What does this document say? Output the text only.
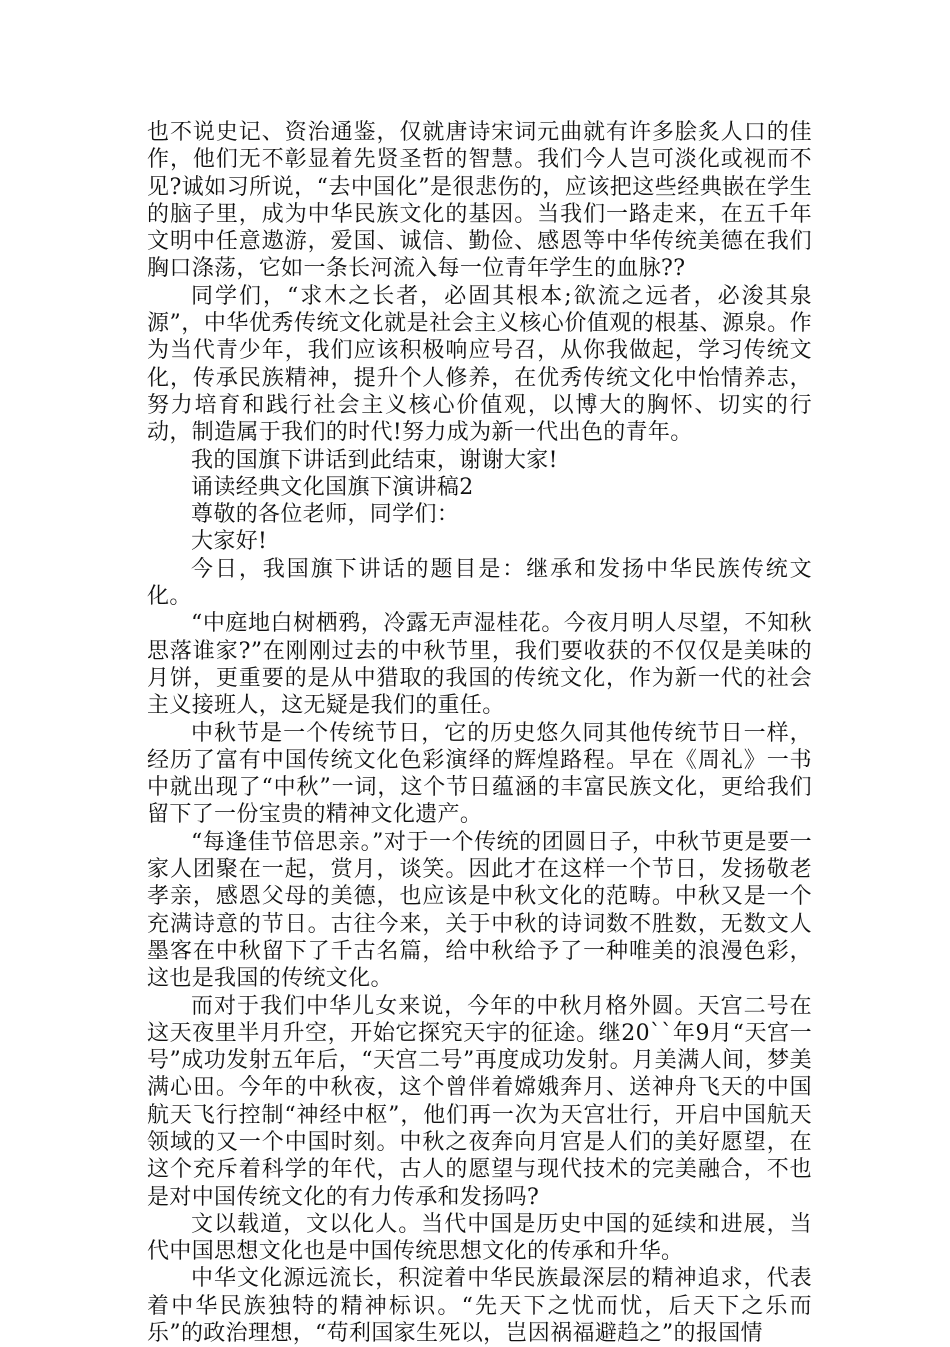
也不说史记、资治通鉴，仅就唐诗宋词元曲就有许多脍炙人口的佳作，他们无不彰显着先贤圣哲的智慧。我们今人岂可淡化或视而不见?诚如习所说，“去中国化”是很悲伤的，应该把这些经典嵌在学生的脑子里，成为中华民族文化的基因。当我们一路走来，在五千年文明中任意遨游，爱国、诚信、勤俭、感恩等中华传统美德在我们胸口涤荡，它如一条长河流入每一位青年学生的血脉??

同学们，“求木之长者，必固其根本;欲流之远者，必浚其泉源”，中华优秀传统文化就是社会主义核心价值观的根基、源泉。作为当代青少年，我们应该积极响应号召，从你我做起，学习传统文化，传承民族精神，提升个人修养，在优秀传统文化中怡情养志，努力培育和践行社会主义核心价值观，以博大的胸怀、切实的行动，制造属于我们的时代!努力成为新一代出色的青年。

我的国旗下讲话到此结束，谢谢大家!

诵读经典文化国旗下演讲稿2

尊敬的各位老师，同学们：

大家好!

今日，我国旗下讲话的题目是：继承和发扬中华民族传统文化。

“中庭地白树栖鸦，冷露无声湿桂花。今夜月明人尽望，不知秋思落谁家?”在刚刚过去的中秋节里，我们要收获的不仅仅是美味的月饼，更重要的是从中猎取的我国的传统文化，作为新一代的社会主义接班人，这无疑是我们的重任。

中秋节是一个传统节日，它的历史悠久同其他传统节日一样，经历了富有中国传统文化色彩演绎的辉煌路程。早在《周礼》一书中就出现了“中秋”一词，这个节日蕴涵的丰富民族文化，更给我们留下了一份宝贵的精神文化遗产。

“每逢佳节倍思亲。”对于一个传统的团圆日子，中秋节更是要一家人团聚在一起，赏月，谈笑。因此才在这样一个节日，发扬敬老孝亲，感恩父母的美德，也应该是中秋文化的范畴。中秋又是一个充满诗意的节日。古往今来，关于中秋的诗词数不胜数，无数文人墨客在中秋留下了千古名篇，给中秋给予了一种唯美的浪漫色彩，这也是我国的传统文化。

而对于我们中华儿女来说，今年的中秋月格外圆。天宫二号在这天夜里半月升空，开始它探究天宇的征途。继20``年9月“天宫一号”成功发射五年后，“天宫二号”再度成功发射。月美满人间，梦美满心田。今年的中秋夜，这个曾伴着嫦娥奔月、送神舟飞天的中国航天飞行控制“神经中枢”，他们再一次为天宫壮行，开启中国航天领域的又一个中国时刻。中秋之夜奔向月宫是人们的美好愿望，在这个充斥着科学的年代，古人的愿望与现代技术的完美融合，不也是对中国传统文化的有力传承和发扬吗?

文以载道，文以化人。当代中国是历史中国的延续和进展，当代中国思想文化也是中国传统思想文化的传承和升华。

中华文化源远流长，积淀着中华民族最深层的精神追求，代表着中华民族独特的精神标识。“先天下之忧而忧，后天下之乐而乐”的政治理想，“苟利国家生死以，岂因祸福避趋之”的报国情
